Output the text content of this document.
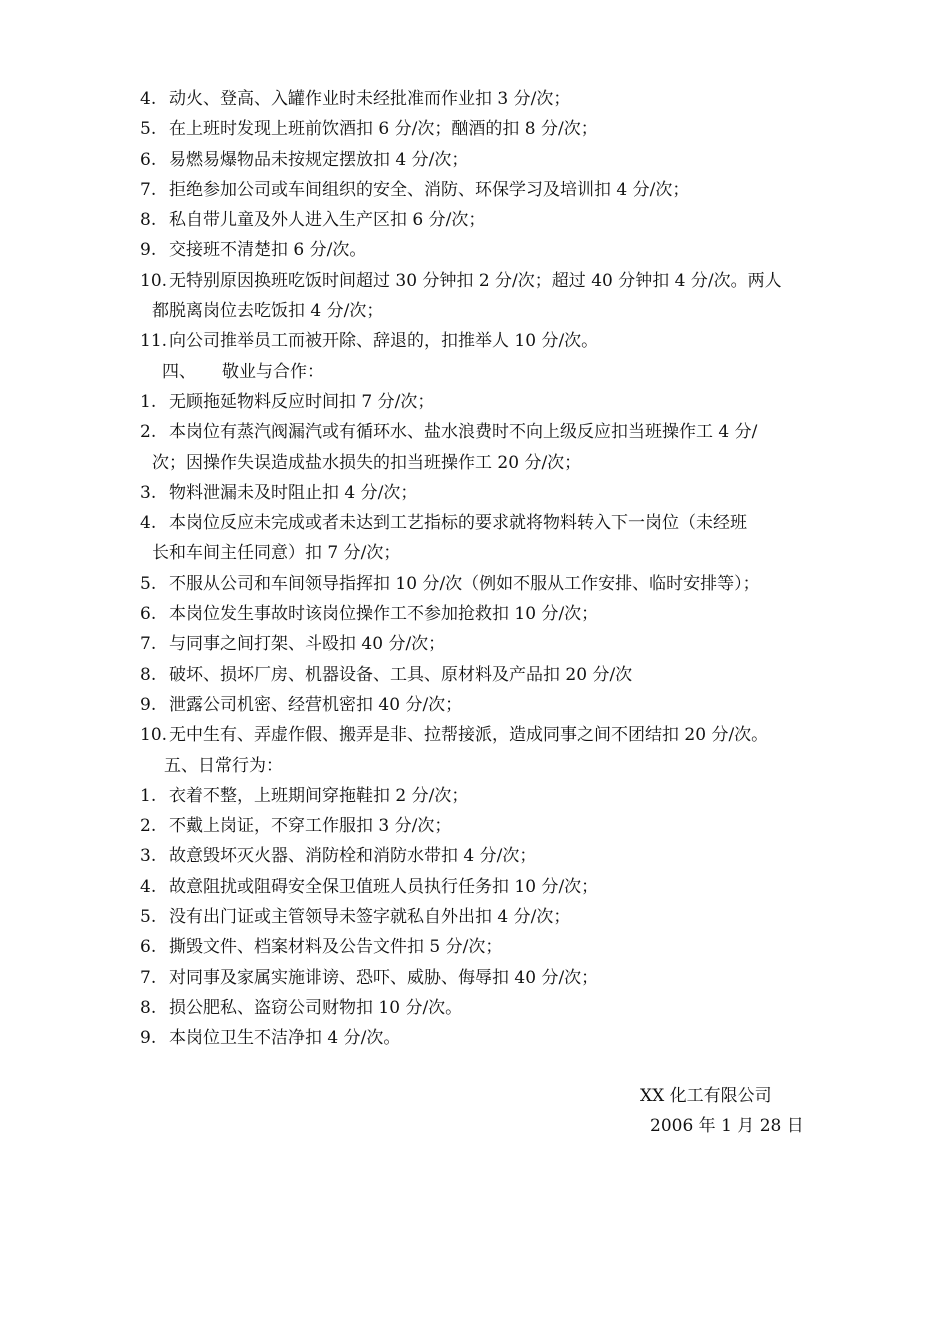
4. 动火、登高、入罐作业时未经批准而作业扣 3 分/次；
5. 在上班时发现上班前饮酒扣 6 分/次；酗酒的扣 8 分/次；
6. 易燃易爆物品未按规定摆放扣 4 分/次；
7. 拒绝参加公司或车间组织的安全、消防、环保学习及培训扣 4 分/次；
8. 私自带儿童及外人进入生产区扣 6 分/次；
9. 交接班不清楚扣 6 分/次。
10. 无特别原因换班吃饭时间超过 30 分钟扣 2 分/次；超过 40 分钟扣 4 分/次。两人
都脱离岗位去吃饭扣 4 分/次；
11. 向公司推举员工而被开除、辞退的，扣推举人 10 分/次。
四、 敬业与合作：
1. 无顾拖延物料反应时间扣 7 分/次；
2. 本岗位有蒸汽阀漏汽或有循环水、盐水浪费时不向上级反应扣当班操作工 4 分/
次；因操作失误造成盐水损失的扣当班操作工 20 分/次；
3. 物料泄漏未及时阻止扣 4 分/次；
4. 本岗位反应未完成或者未达到工艺指标的要求就将物料转入下一岗位（未经班
长和车间主任同意）扣 7 分/次；
5. 不服从公司和车间领导指挥扣 10 分/次（例如不服从工作安排、临时安排等）；
6. 本岗位发生事故时该岗位操作工不参加抢救扣 10 分/次；
7. 与同事之间打架、斗殴扣 40 分/次；
8. 破坏、损坏厂房、机器设备、工具、原材料及产品扣 20 分/次
9. 泄露公司机密、经营机密扣 40 分/次；
10. 无中生有、弄虚作假、搬弄是非、拉帮接派，造成同事之间不团结扣 20 分/次。
五、日常行为：
1. 衣着不整，上班期间穿拖鞋扣 2 分/次；
2. 不戴上岗证，不穿工作服扣 3 分/次；
3. 故意毁坏灭火器、消防栓和消防水带扣 4 分/次；
4. 故意阻扰或阻碍安全保卫值班人员执行任务扣 10 分/次；
5. 没有出门证或主管领导未签字就私自外出扣 4 分/次；
6. 撕毁文件、档案材料及公告文件扣 5 分/次；
7. 对同事及家属实施诽谤、恐吓、威胁、侮辱扣 40 分/次；
8. 损公肥私、盗窃公司财物扣 10 分/次。
9. 本岗位卫生不洁净扣 4 分/次。
XX 化工有限公司
2006 年 1 月 28 日
